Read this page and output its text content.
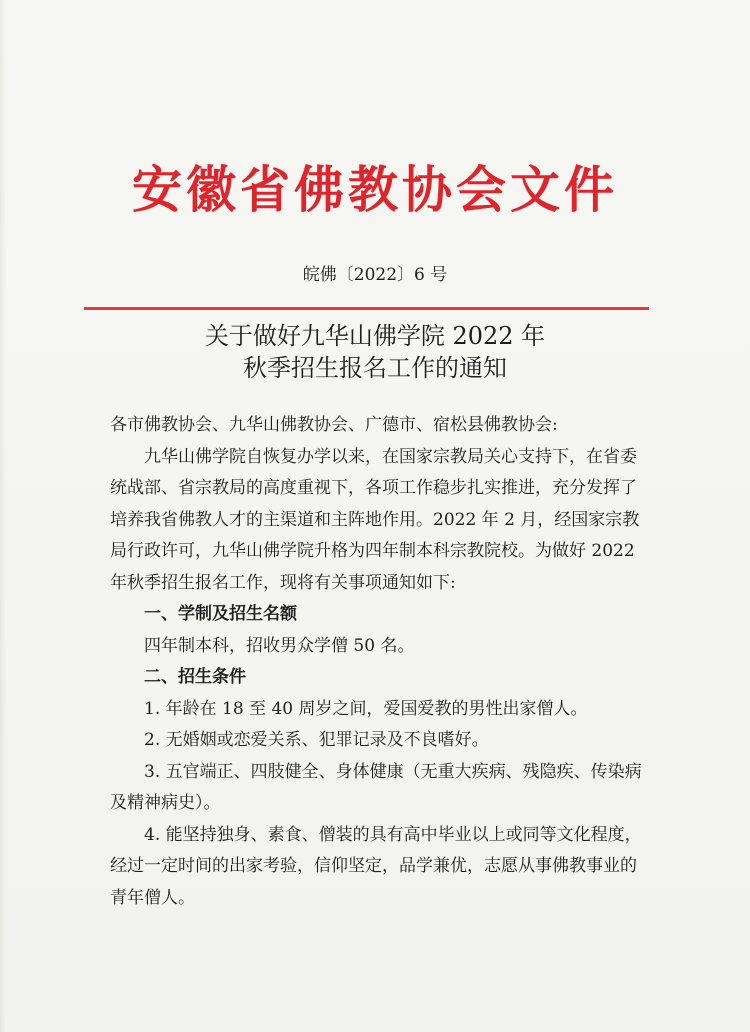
安徽省佛教协会文件
皖佛〔2022〕6 号
关于做好九华山佛学院 2022 年
秋季招生报名工作的通知

各市佛教协会、九华山佛教协会、广德市、宿松县佛教协会:

九华山佛学院自恢复办学以来，在国家宗教局关心支持下，在省委统战部、省宗教局的高度重视下，各项工作稳步扎实推进，充分发挥了培养我省佛教人才的主渠道和主阵地作用。2022 年 2 月，经国家宗教局行政许可，九华山佛学院升格为四年制本科宗教院校。为做好 2022 年秋季招生报名工作，现将有关事项通知如下:

一、学制及招生名额

四年制本科，招收男众学僧 50 名。

二、招生条件

1. 年龄在 18 至 40 周岁之间，爱国爱教的男性出家僧人。

2. 无婚姻或恋爱关系、犯罪记录及不良嗜好。

3. 五官端正、四肢健全、身体健康（无重大疾病、残隐疾、传染病及精神病史）。

4. 能坚持独身、素食、僧装的具有高中毕业以上或同等文化程度，经过一定时间的出家考验，信仰坚定，品学兼优，志愿从事佛教事业的青年僧人。
